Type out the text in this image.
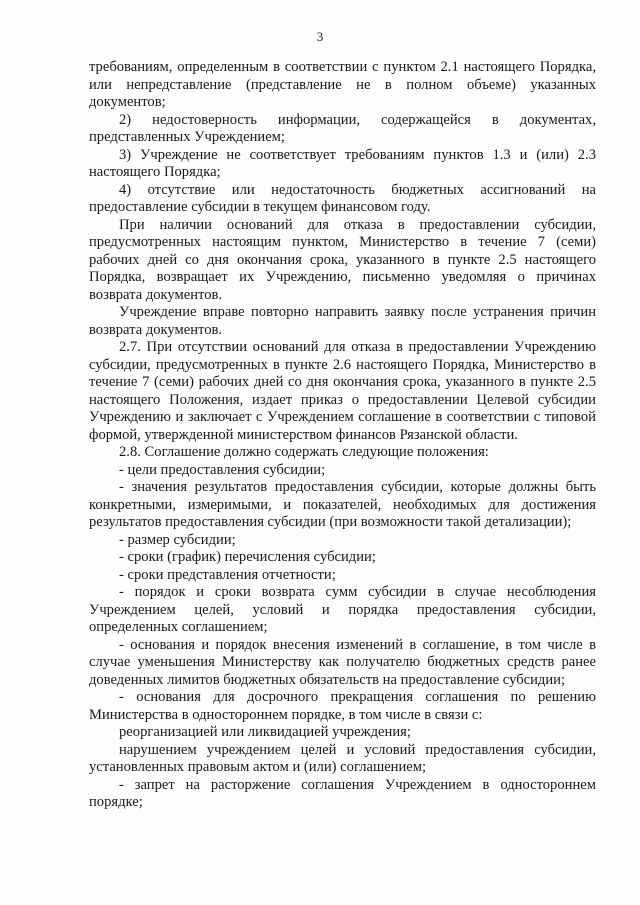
3

требованиям, определенным в соответствии с пунктом 2.1 настоящего Порядка, или непредставление (представление не в полном объеме) указанных документов;

2) недостоверность информации, содержащейся в документах, представленных Учреждением;

3) Учреждение не соответствует требованиям пунктов 1.3 и (или) 2.3 настоящего Порядка;

4) отсутствие или недостаточность бюджетных ассигнований на предоставление субсидии в текущем финансовом году.

При наличии оснований для отказа в предоставлении субсидии, предусмотренных настоящим пунктом, Министерство в течение 7 (семи) рабочих дней со дня окончания срока, указанного в пункте 2.5 настоящего Порядка, возвращает их Учреждению, письменно уведомляя о причинах возврата документов.

Учреждение вправе повторно направить заявку после устранения причин возврата документов.

2.7. При отсутствии оснований для отказа в предоставлении Учреждению субсидии, предусмотренных в пункте 2.6 настоящего Порядка, Министерство в течение 7 (семи) рабочих дней со дня окончания срока, указанного в пункте 2.5 настоящего Положения, издает приказ о предоставлении Целевой субсидии Учреждению и заключает с Учреждением соглашение в соответствии с типовой формой, утвержденной министерством финансов Рязанской области.

2.8. Соглашение должно содержать следующие положения:

- цели предоставления субсидии;

- значения результатов предоставления субсидии, которые должны быть конкретными, измеримыми, и показателей, необходимых для достижения результатов предоставления субсидии (при возможности такой детализации);

- размер субсидии;

- сроки (график) перечисления субсидии;

- сроки представления отчетности;

- порядок и сроки возврата сумм субсидии в случае несоблюдения Учреждением целей, условий и порядка предоставления субсидии, определенных соглашением;

- основания и порядок внесения изменений в соглашение, в том числе в случае уменьшения Министерству как получателю бюджетных средств ранее доведенных лимитов бюджетных обязательств на предоставление субсидии;

- основания для досрочного прекращения соглашения по решению Министерства в одностороннем порядке, в том числе в связи с:

реорганизацией или ликвидацией учреждения;

нарушением учреждением целей и условий предоставления субсидии, установленных правовым актом и (или) соглашением;

- запрет на расторжение соглашения Учреждением в одностороннем порядке;
